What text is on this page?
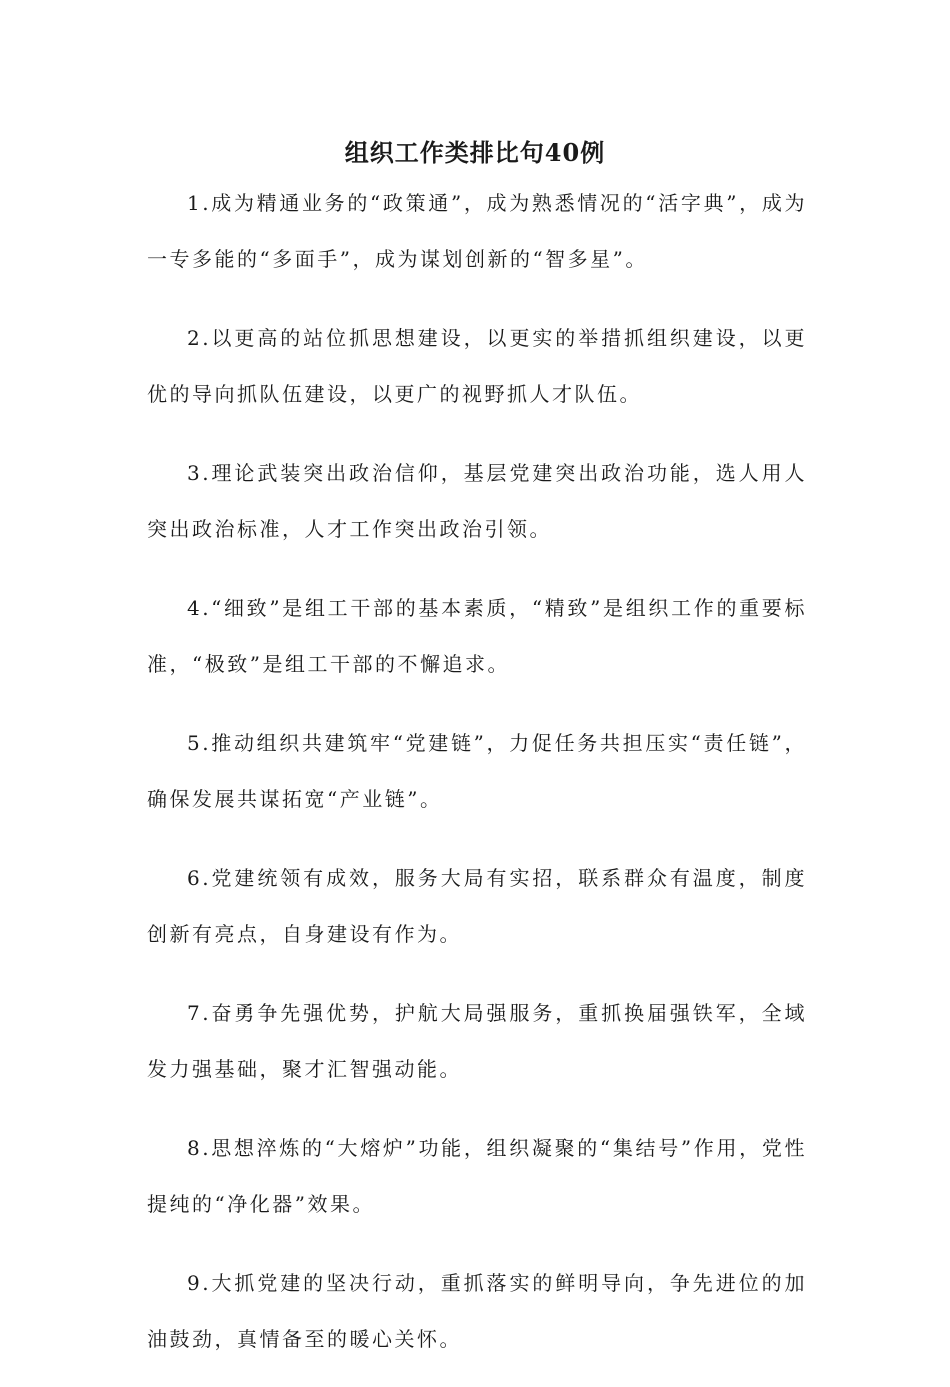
组织工作类排比句40例

1.成为精通业务的“政策通”，成为熟悉情况的“活字典”，成为一专多能的“多面手”，成为谋划创新的“智多星”。

2.以更高的站位抓思想建设，以更实的举措抓组织建设，以更优的导向抓队伍建设，以更广的视野抓人才队伍。

3.理论武装突出政治信仰，基层党建突出政治功能，选人用人突出政治标准，人才工作突出政治引领。

4.“细致”是组工干部的基本素质，“精致”是组织工作的重要标准，“极致”是组工干部的不懈追求。

5.推动组织共建筑牢“党建链”，力促任务共担压实“责任链”，确保发展共谋拓宽“产业链”。

6.党建统领有成效，服务大局有实招，联系群众有温度，制度创新有亮点，自身建设有作为。

7.奋勇争先强优势，护航大局强服务，重抓换届强铁军，全域发力强基础，聚才汇智强动能。

8.思想淬炼的“大熔炉”功能，组织凝聚的“集结号”作用，党性提纯的“净化器”效果。

9.大抓党建的坚决行动，重抓落实的鲜明导向，争先进位的加油鼓劲，真情备至的暖心关怀。
